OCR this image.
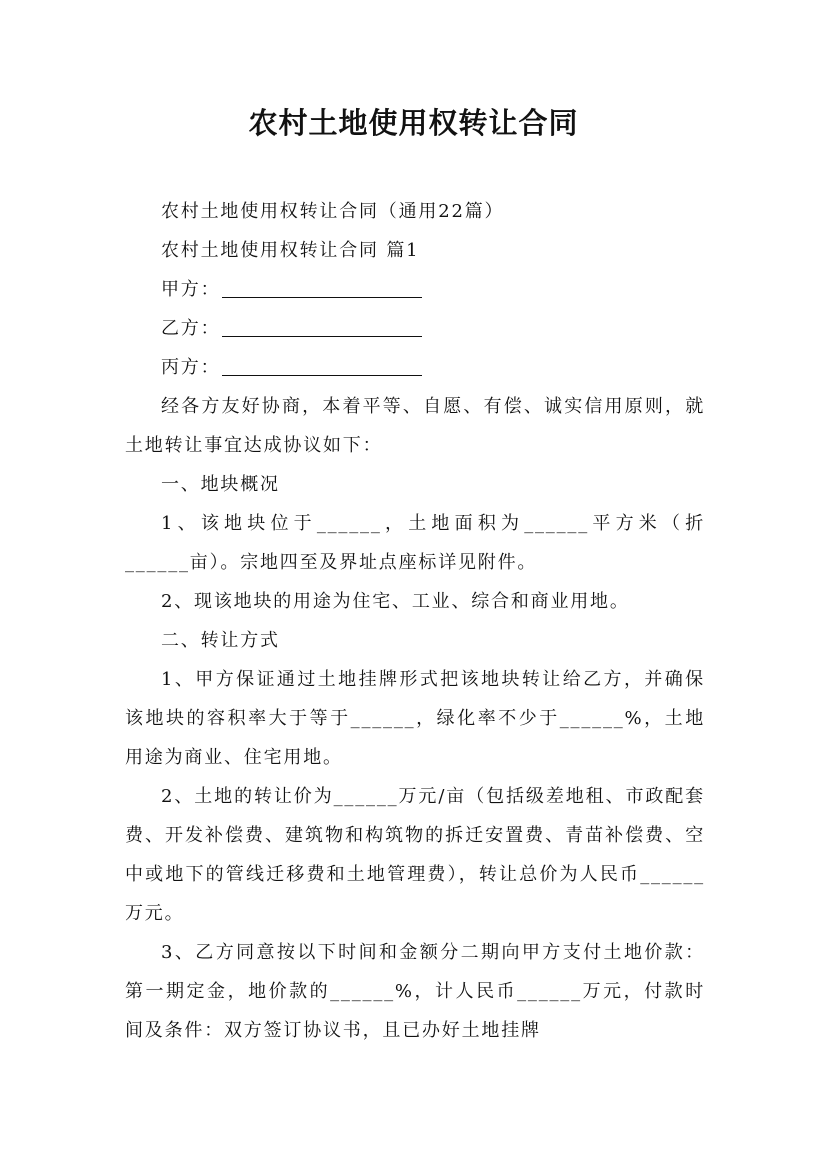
农村土地使用权转让合同

农村土地使用权转让合同（通用22篇）

农村土地使用权转让合同 篇1

甲方：

乙方：

丙方：

经各方友好协商，本着平等、自愿、有偿、诚实信用原则，就土地转让事宜达成协议如下：

一、地块概况

1、该地块位于______，土地面积为______平方米（折______亩）。宗地四至及界址点座标详见附件。

2、现该地块的用途为住宅、工业、综合和商业用地。

二、转让方式

1、甲方保证通过土地挂牌形式把该地块转让给乙方，并确保该地块的容积率大于等于______，绿化率不少于______%，土地用途为商业、住宅用地。

2、土地的转让价为______万元/亩（包括级差地租、市政配套费、开发补偿费、建筑物和构筑物的拆迁安置费、青苗补偿费、空中或地下的管线迁移费和土地管理费），转让总价为人民币______万元。

3、乙方同意按以下时间和金额分二期向甲方支付土地价款：第一期定金，地价款的______%，计人民币______万元，付款时间及条件：双方签订协议书，且已办好土地挂牌
